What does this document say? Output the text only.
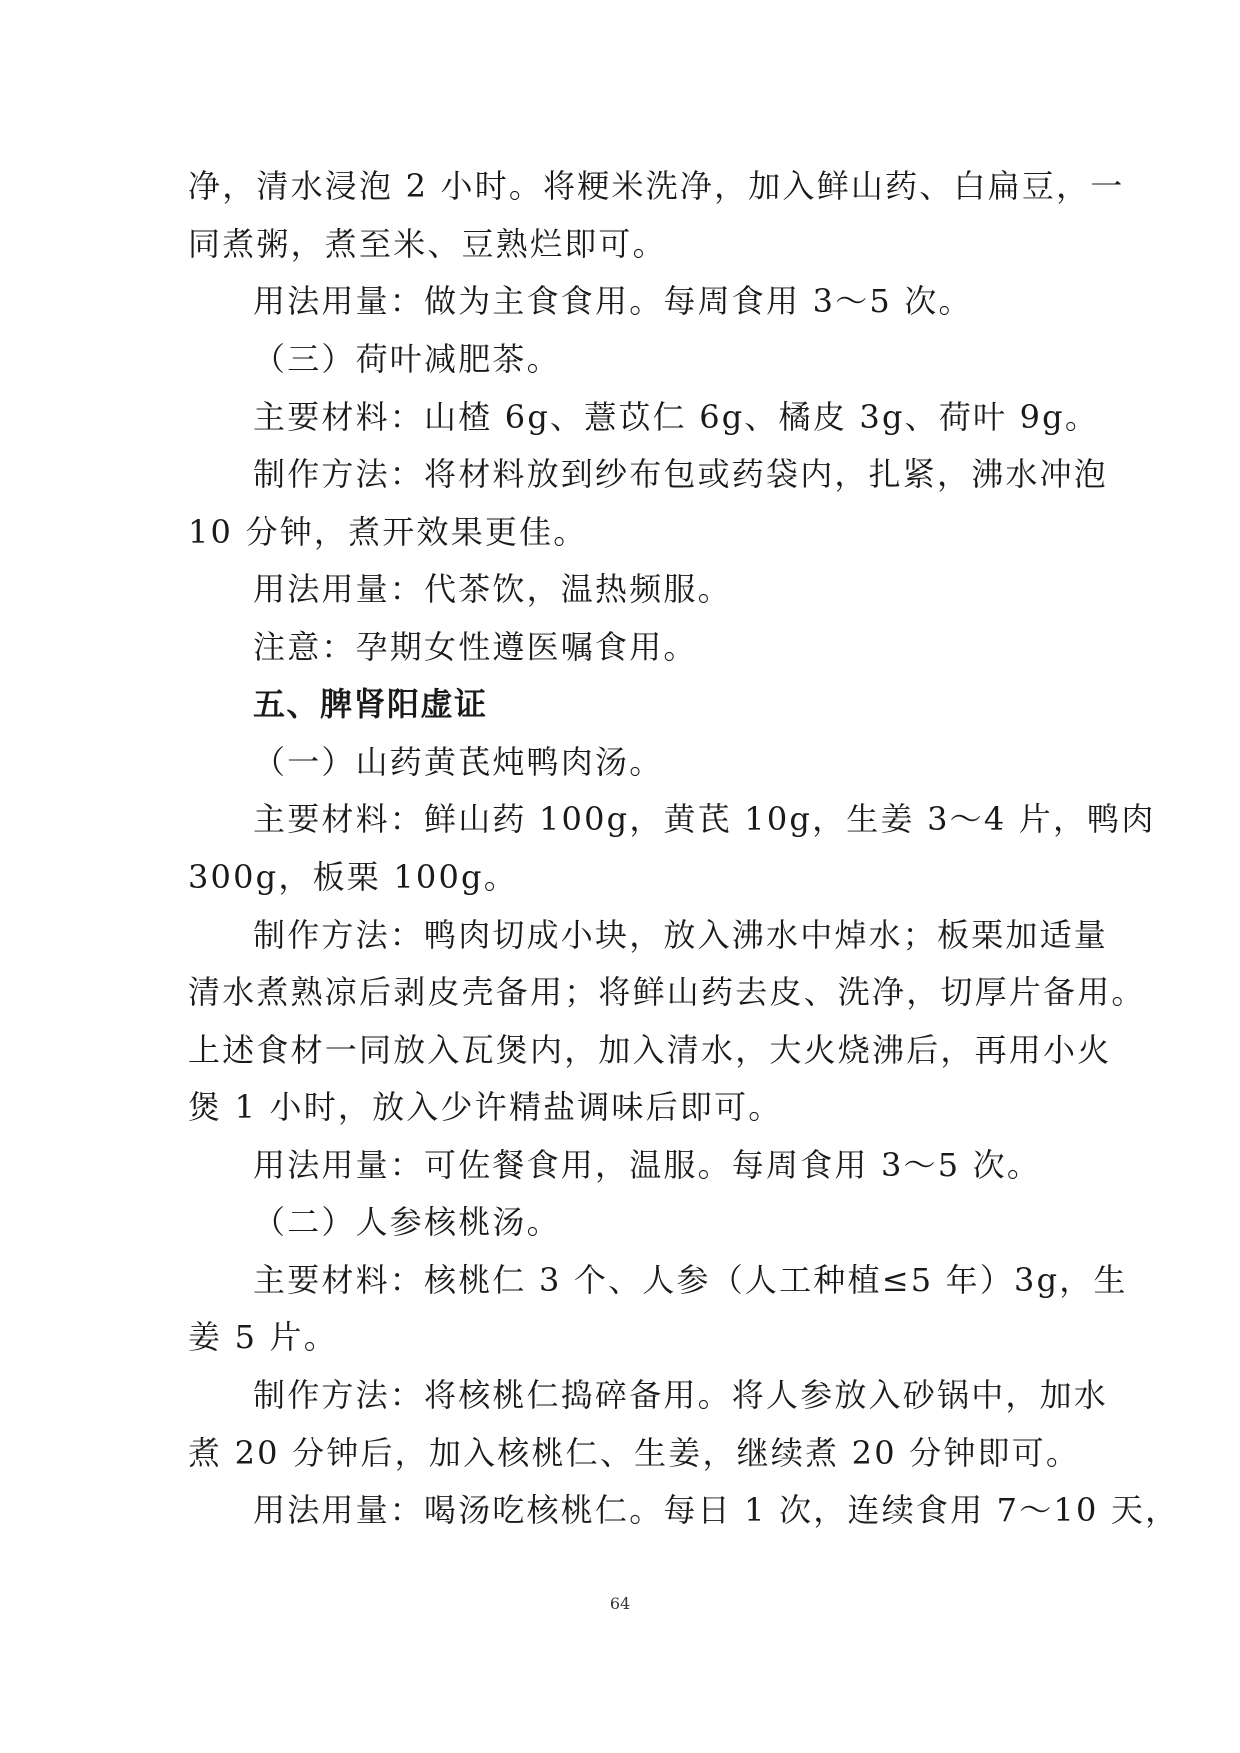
净，清水浸泡 2 小时。将粳米洗净，加入鲜山药、白扁豆，一
同煮粥，煮至米、豆熟烂即可。
用法用量：做为主食食用。每周食用 3～5 次。
（三）荷叶减肥茶。
主要材料：山楂 6g、薏苡仁 6g、橘皮 3g、荷叶 9g。
制作方法：将材料放到纱布包或药袋内，扎紧，沸水冲泡
10 分钟，煮开效果更佳。
用法用量：代茶饮，温热频服。
注意：孕期女性遵医嘱食用。
五、脾肾阳虚证
（一）山药黄芪炖鸭肉汤。
主要材料：鲜山药 100g，黄芪 10g，生姜 3～4 片，鸭肉
300g，板栗 100g。
制作方法：鸭肉切成小块，放入沸水中焯水；板栗加适量
清水煮熟凉后剥皮壳备用；将鲜山药去皮、洗净，切厚片备用。
上述食材一同放入瓦煲内，加入清水，大火烧沸后，再用小火
煲 1 小时，放入少许精盐调味后即可。
用法用量：可佐餐食用，温服。每周食用 3～5 次。
（二）人参核桃汤。
主要材料：核桃仁 3 个、人参（人工种植≤5 年）3g，生
姜 5 片。
制作方法：将核桃仁捣碎备用。将人参放入砂锅中，加水
煮 20 分钟后，加入核桃仁、生姜，继续煮 20 分钟即可。
用法用量：喝汤吃核桃仁。每日 1 次，连续食用 7～10 天，
64
